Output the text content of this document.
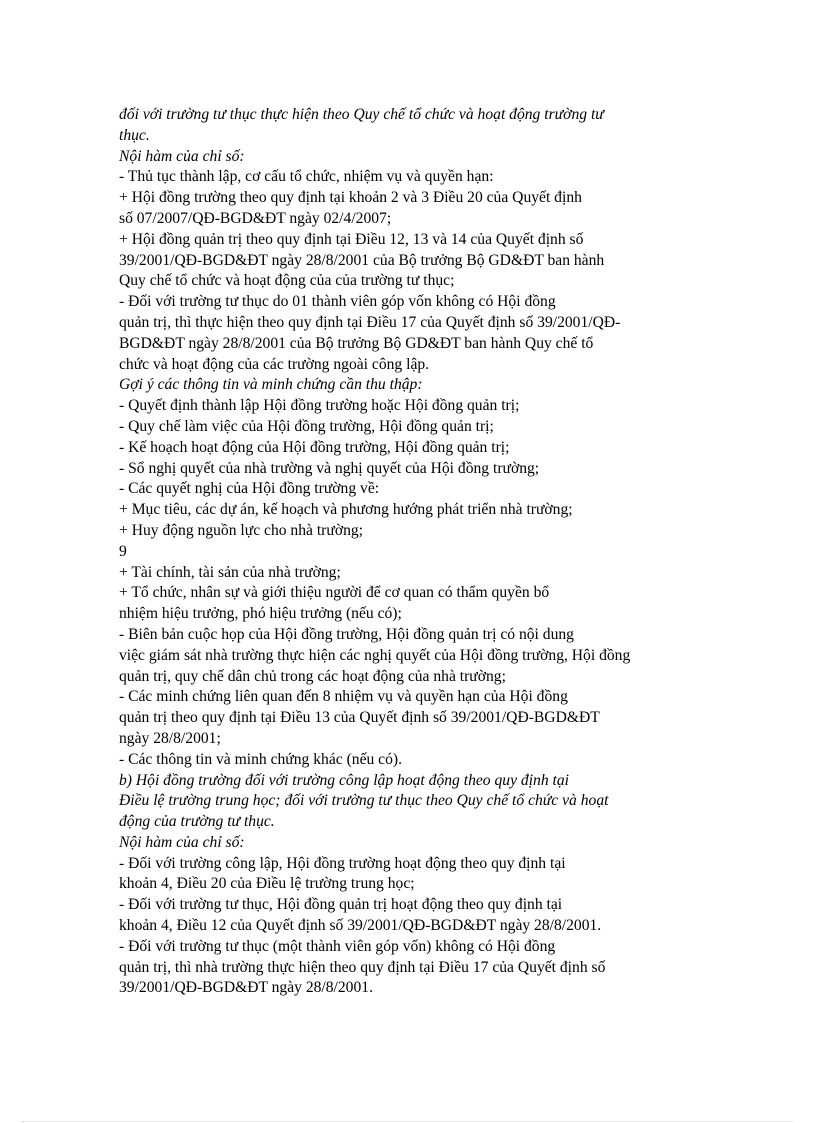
đối với trường tư thục thực hiện theo Quy chế tổ chức và hoạt động trường tư
thục.
Nội hàm của chỉ số:
- Thủ tục thành lập, cơ cấu tổ chức, nhiệm vụ và quyền hạn:
+ Hội đồng trường theo quy định tại khoản 2 và 3 Điều 20 của Quyết định
số 07/2007/QĐ-BGD&ĐT ngày 02/4/2007;
+ Hội đồng quản trị theo quy định tại Điều 12, 13 và 14 của Quyết định số
39/2001/QĐ-BGD&ĐT ngày 28/8/2001 của Bộ trưởng Bộ GD&ĐT ban hành
Quy chế tổ chức và hoạt động của của trường tư thục;
- Đối với trường tư thục do 01 thành viên góp vốn không có Hội đồng
quản trị, thì thực hiện theo quy định tại Điều 17 của Quyết định số 39/2001/QĐ-
BGD&ĐT ngày 28/8/2001 của Bộ trưởng Bộ GD&ĐT ban hành Quy chế tổ
chức và hoạt động của các trường ngoài công lập.
Gợi ý các thông tin và minh chứng cần thu thập:
- Quyết định thành lập Hội đồng trường hoặc Hội đồng quản trị;
- Quy chế làm việc của Hội đồng trường, Hội đồng quản trị;
- Kế hoạch hoạt động của Hội đồng trường, Hội đồng quản trị;
- Sổ nghị quyết của nhà trường và nghị quyết của Hội đồng trường;
- Các quyết nghị của Hội đồng trường về:
+ Mục tiêu, các dự án, kế hoạch và phương hướng phát triển nhà trường;
+ Huy động nguồn lực cho nhà trường;
9
+ Tài chính, tài sản của nhà trường;
+ Tổ chức, nhân sự và giới thiệu người để cơ quan có thẩm quyền bổ
nhiệm hiệu trưởng, phó hiệu trưởng (nếu có);
- Biên bản cuộc họp của Hội đồng trường, Hội đồng quản trị có nội dung
việc giám sát nhà trường thực hiện các nghị quyết của Hội đồng trường, Hội đồng
quản trị, quy chế dân chủ trong các hoạt động của nhà trường;
- Các minh chứng liên quan đến 8 nhiệm vụ và quyền hạn của Hội đồng
quản trị theo quy định tại Điều 13 của Quyết định số 39/2001/QĐ-BGD&ĐT
ngày 28/8/2001;
- Các thông tin và minh chứng khác (nếu có).
b) Hội đồng trường đối với trường công lập hoạt động theo quy định tại
Điều lệ trường trung học; đối với trường tư thục theo Quy chế tổ chức và hoạt
động của trường tư thục.
Nội hàm của chỉ số:
- Đối với trường công lập, Hội đồng trường hoạt động theo quy định tại
khoản 4, Điều 20 của Điều lệ trường trung học;
- Đối với trường tư thục, Hội đồng quản trị hoạt động theo quy định tại
khoản 4, Điều 12 của Quyết định số 39/2001/QĐ-BGD&ĐT ngày 28/8/2001.
- Đối với trường tư thục (một thành viên góp vốn) không có Hội đồng
quản trị, thì nhà trường thực hiện theo quy định tại Điều 17 của Quyết định số
39/2001/QĐ-BGD&ĐT ngày 28/8/2001.
